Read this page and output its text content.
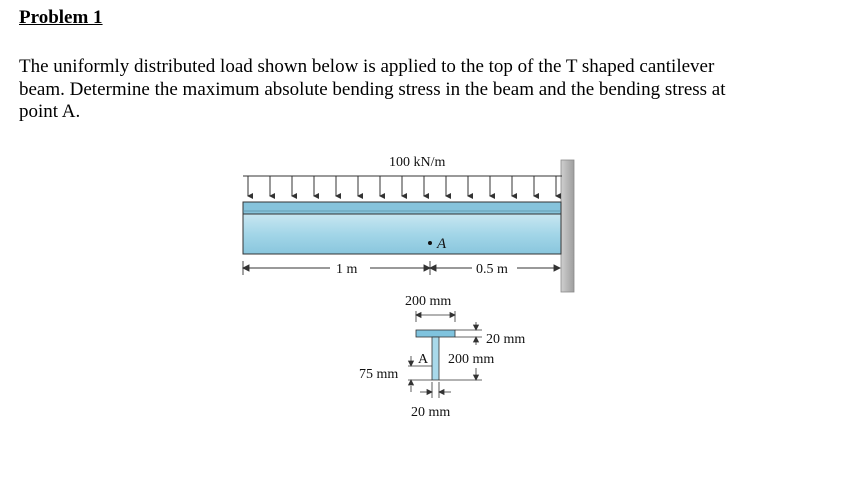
Problem 1

The uniformly distributed load shown below is applied to the top of the T shaped cantilever

beam. Determine the maximum absolute bending stress in the beam and the bending stress at

point A.

100 kN/m
A
1 m	0.5 m
200 mm
20 mm
200 mm
A
75 mm
20 mm
